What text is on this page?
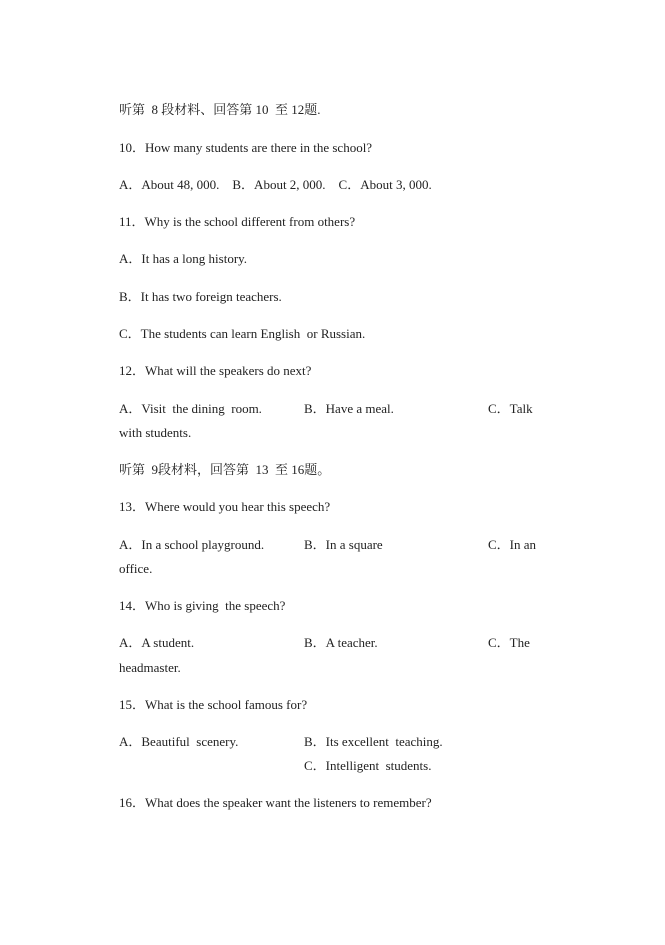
听第  8 段材料、回答第 10  至 12题.
10．How many students are there in the school?
A．About 48, 000.    B．About 2, 000.    C．About 3, 000.
11．Why is the school different from others?
A．It has a long history.
B．It has two foreign teachers.
C．The students can learn English  or Russian.
12．What will the speakers do next?
A．Visit  the dining  room.	B．Have a meal.	C．Talk
with students.
听第  9段材料，回答第  13  至 16题。
13．Where would you hear this speech?
A．In a school playground.	B．In a square	C．In an
office.
14．Who is giving  the speech?
A．A student.	B．A teacher.	C．The
headmaster.
15．What is the school famous for?
A．Beautiful  scenery.	B．Its excellent  teaching.
C．Intelligent  students.
16．What does the speaker want the listeners to remember?
